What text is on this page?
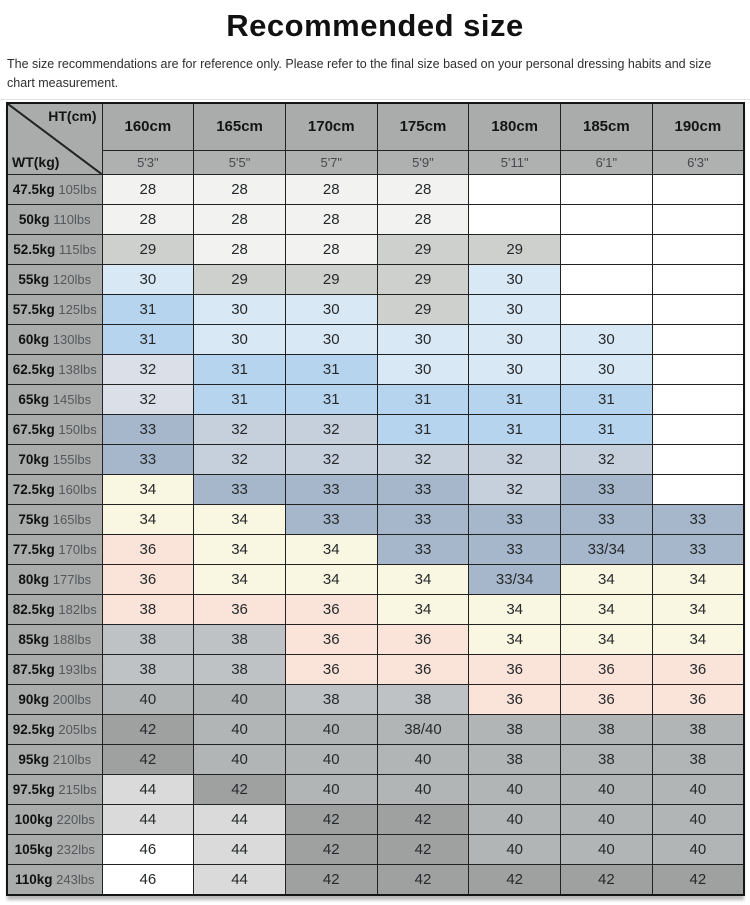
Recommended size

The size recommendations are for reference only. Please refer to the final size based on your personal dressing habits and size chart measurement.

HT(cm)
WT(kg)	160cm	165cm	170cm	175cm	180cm	185cm	190cm
	5'3"	5'5"	5'7"	5'9"	5'11"	6'1"	6'3"
47.5kg 105lbs	28	28	28	28			
50kg 110lbs	28	28	28	28			
52.5kg 115lbs	29	28	28	29	29		
55kg 120lbs	30	29	29	29	30		
57.5kg 125lbs	31	30	30	29	30		
60kg 130lbs	31	30	30	30	30	30	
62.5kg 138lbs	32	31	31	30	30	30	
65kg 145lbs	32	31	31	31	31	31	
67.5kg 150lbs	33	32	32	31	31	31	
70kg 155lbs	33	32	32	32	32	32	
72.5kg 160lbs	34	33	33	33	32	33	
75kg 165lbs	34	34	33	33	33	33	33
77.5kg 170lbs	36	34	34	33	33	33/34	33
80kg 177lbs	36	34	34	34	33/34	34	34
82.5kg 182lbs	38	36	36	34	34	34	34
85kg 188lbs	38	38	36	36	34	34	34
87.5kg 193lbs	38	38	36	36	36	36	36
90kg 200lbs	40	40	38	38	36	36	36
92.5kg 205lbs	42	40	40	38/40	38	38	38
95kg 210lbs	42	40	40	40	38	38	38
97.5kg 215lbs	44	42	40	40	40	40	40
100kg 220lbs	44	44	42	42	40	40	40
105kg 232lbs	46	44	42	42	40	40	40
110kg 243lbs	46	44	42	42	42	42	42
